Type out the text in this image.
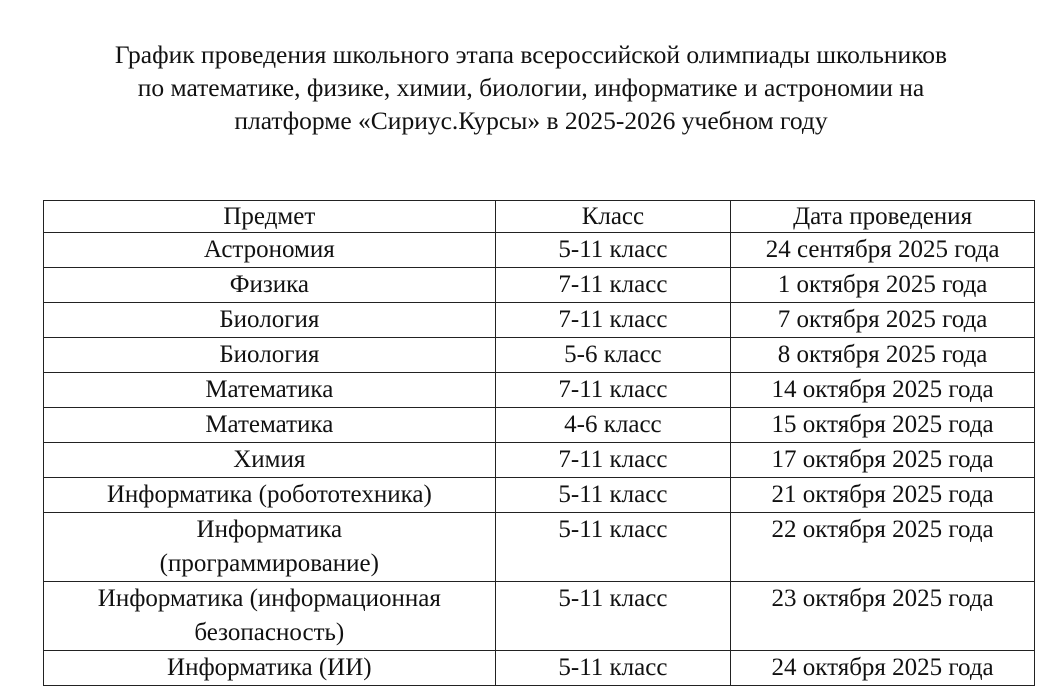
График проведения школьного этапа всероссийской олимпиады школьников
по математике, физике, химии, биологии, информатике и астрономии на
платформе «Сириус.Курсы» в 2025-2026 учебном году
Предмет	Класс	Дата проведения
Астрономия	5-11 класс	24 сентября 2025 года
Физика	7-11 класс	1 октября 2025 года
Биология	7-11 класс	7 октября 2025 года
Биология	5-6 класс	8 октября 2025 года
Математика	7-11 класс	14 октября 2025 года
Математика	4-6 класс	15 октября 2025 года
Химия	7-11 класс	17 октября 2025 года
Информатика (робототехника)	5-11 класс	21 октября 2025 года

Информатика
(программирование)	5-11 класс	22 октября 2025 года

Информатика (информационная
безопасность)	5-11 класс	23 октября 2025 года
Информатика (ИИ)	5-11 класс	24 октября 2025 года
